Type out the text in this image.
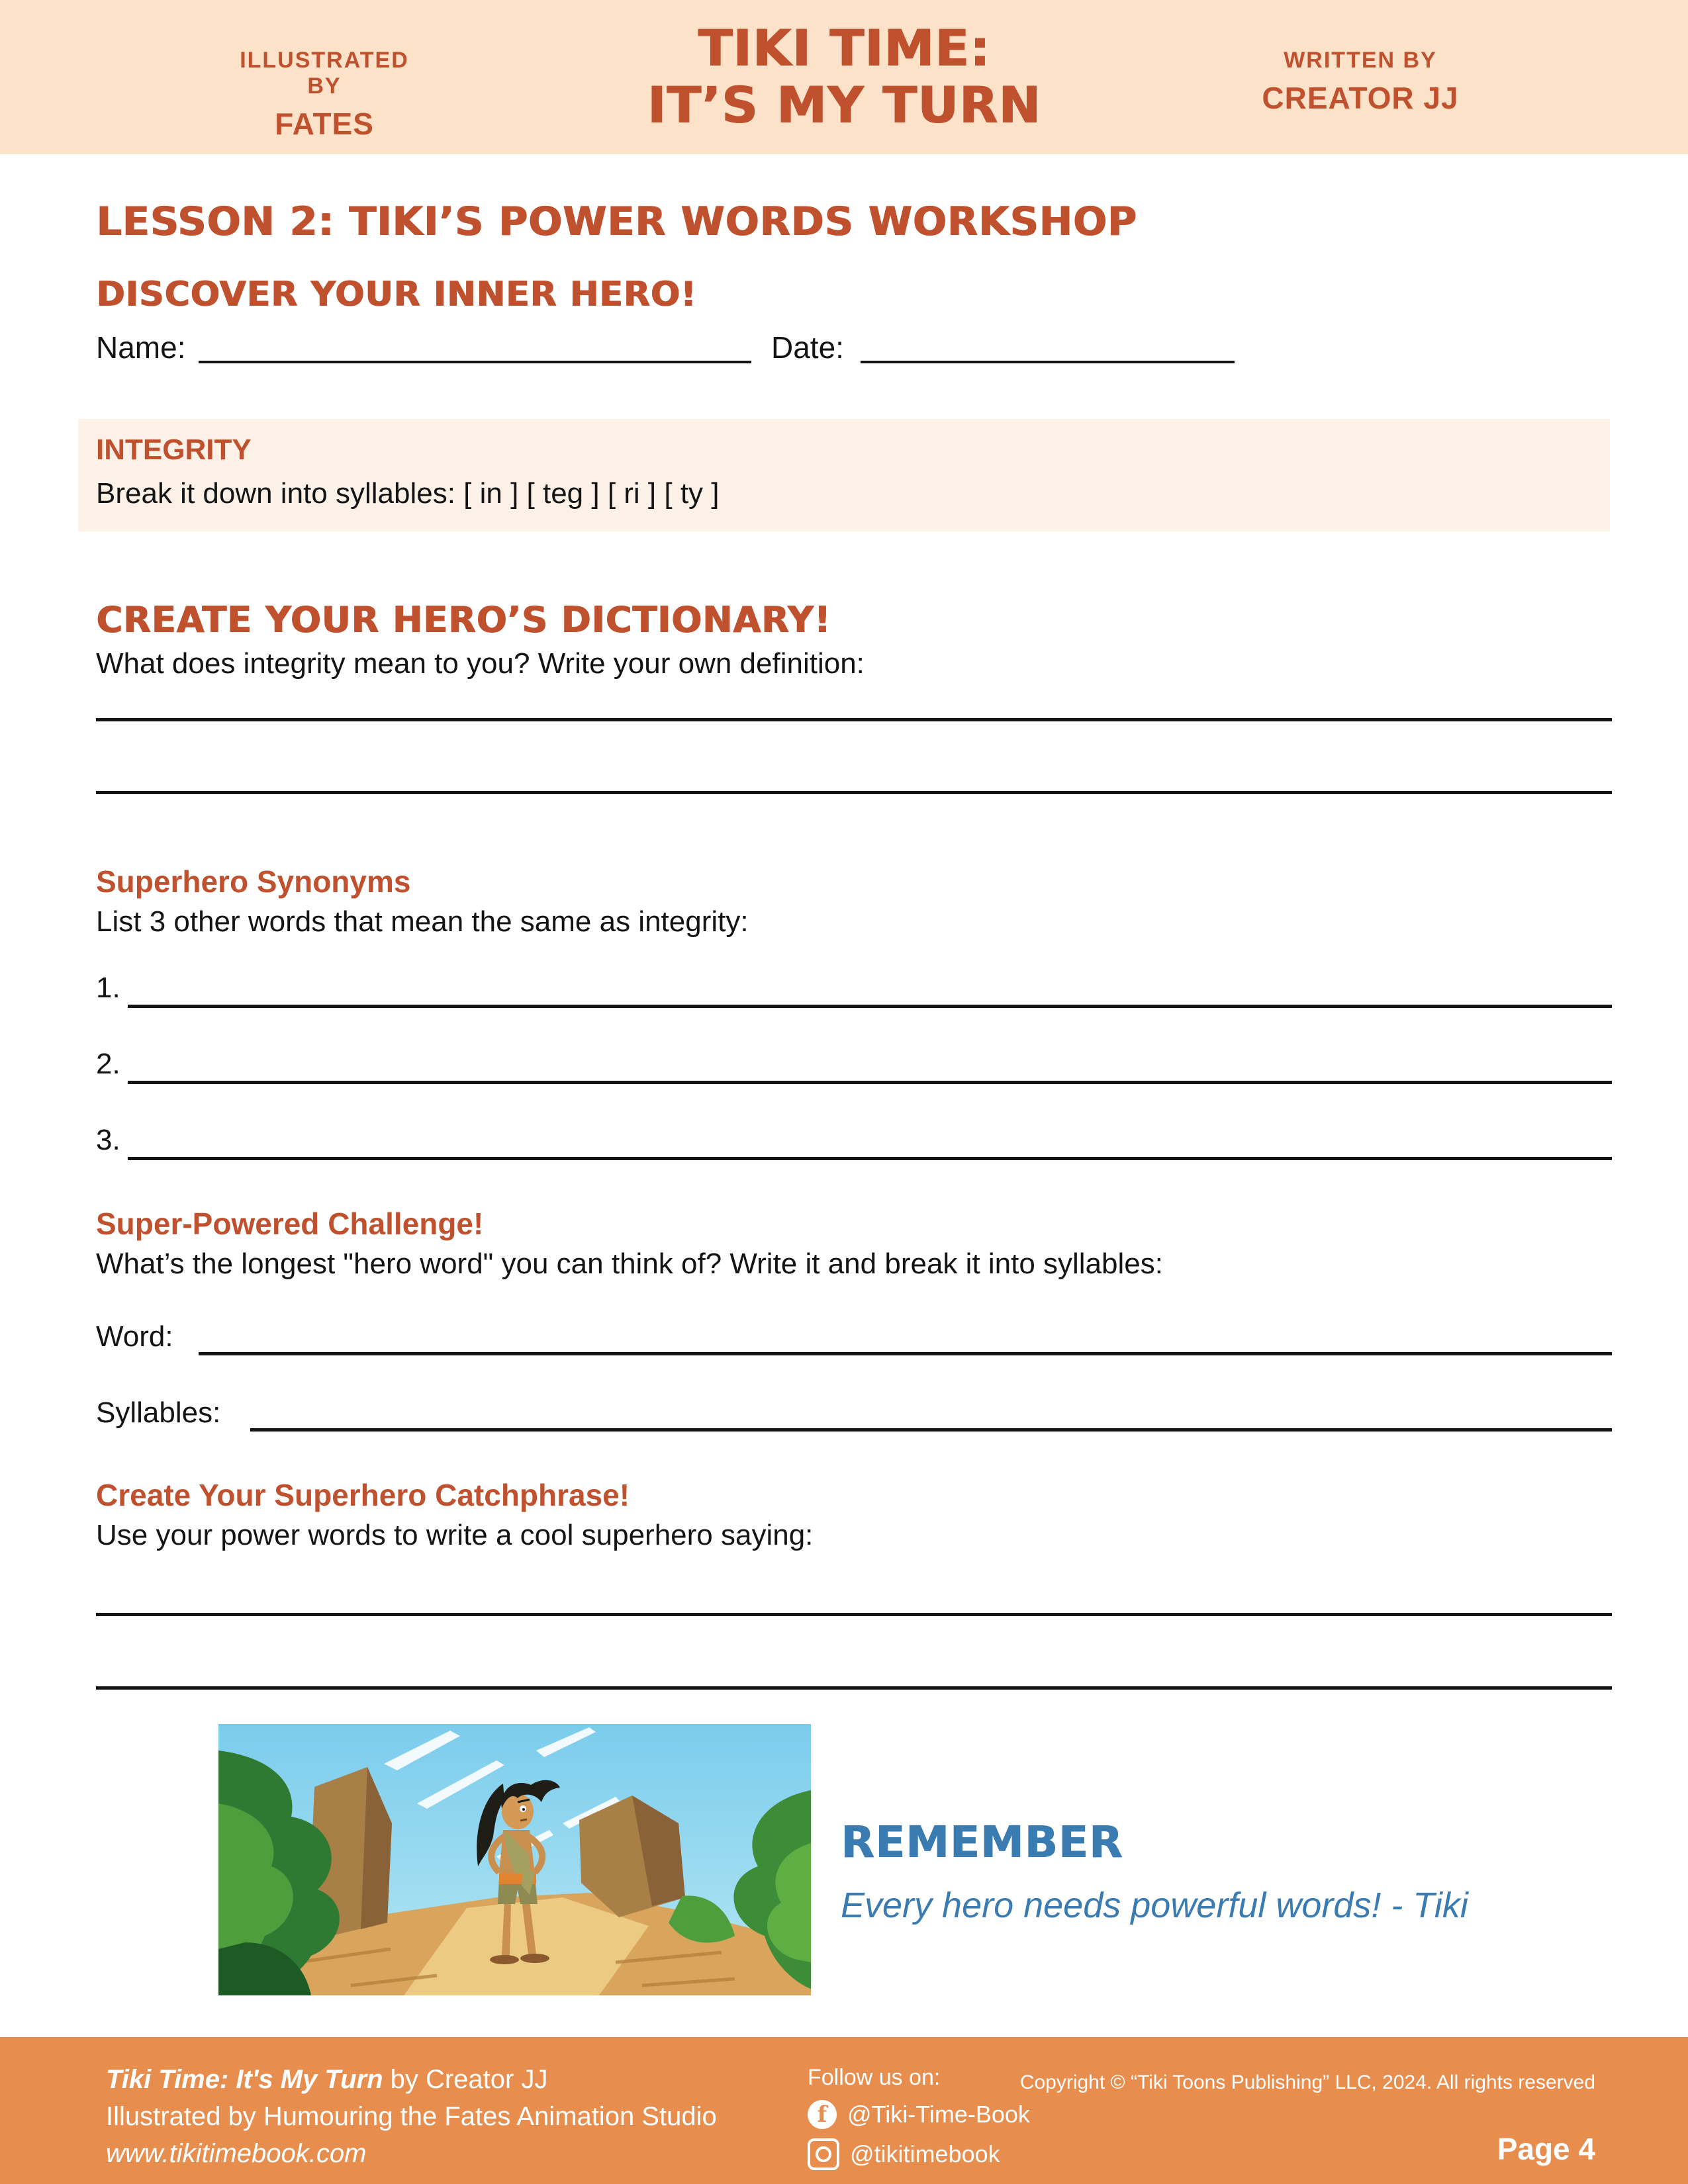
ILLUSTRATED BY
FATES
TIKI TIME:
IT’S MY TURN
WRITTEN BY
CREATOR JJ
LESSON 2: TIKI’S POWER WORDS WORKSHOP
DISCOVER YOUR INNER HERO!
Name:	Date:
INTEGRITY
Break it down into syllables: [ in ] [ teg ] [ ri ] [ ty ]
CREATE YOUR HERO’S DICTIONARY!
What does integrity mean to you? Write your own definition:
Superhero Synonyms
List 3 other words that mean the same as integrity:
1.
2.
3.
Super-Powered Challenge!
What’s the longest "hero word" you can think of? Write it and break it into syllables:
Word:
Syllables:
Create Your Superhero Catchphrase!
Use your power words to write a cool superhero saying:
REMEMBER
Every hero needs powerful words! - Tiki
Tiki Time: It's My Turn by Creator JJ
Illustrated by Humouring the Fates Animation Studio
www.tikitimebook.com
Follow us on:
f @Tiki-Time-Book
@tikitimebook
Copyright © “Tiki Toons Publishing” LLC, 2024. All rights reserved
Page 4
